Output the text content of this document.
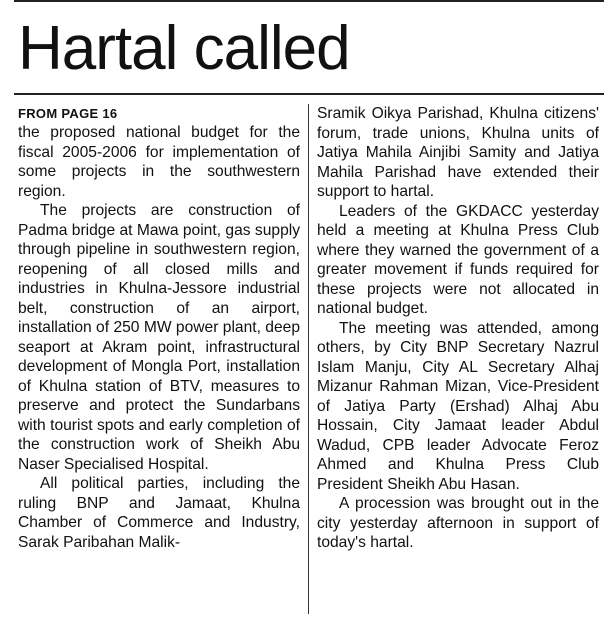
Hartal called
FROM PAGE 16

the proposed national budget for the fiscal 2005-2006 for implementation of some projects in the southwestern region.

The projects are construction of Padma bridge at Mawa point, gas supply through pipeline in southwestern region, reopening of all closed mills and industries in Khulna-Jessore industrial belt, construction of an airport, installation of 250 MW power plant, deep seaport at Akram point, infrastructural development of Mongla Port, installation of Khulna station of BTV, measures to preserve and protect the Sundarbans with tourist spots and early completion of the construction work of Sheikh Abu Naser Specialised Hospital.

All political parties, including the ruling BNP and Jamaat, Khulna Chamber of Commerce and Industry, Sarak Paribahan Malik-

Sramik Oikya Parishad, Khulna citizens' forum, trade unions, Khulna units of Jatiya Mahila Ainjibi Samity and Jatiya Mahila Parishad have extended their support to hartal.

Leaders of the GKDACC yesterday held a meeting at Khulna Press Club where they warned the government of a greater movement if funds required for these projects were not allocated in national budget.

The meeting was attended, among others, by City BNP Secretary Nazrul Islam Manju, City AL Secretary Alhaj Mizanur Rahman Mizan, Vice-President of Jatiya Party (Ershad) Alhaj Abu Hossain, City Jamaat leader Abdul Wadud, CPB leader Advocate Feroz Ahmed and Khulna Press Club President Sheikh Abu Hasan.

A procession was brought out in the city yesterday afternoon in support of today's hartal.
